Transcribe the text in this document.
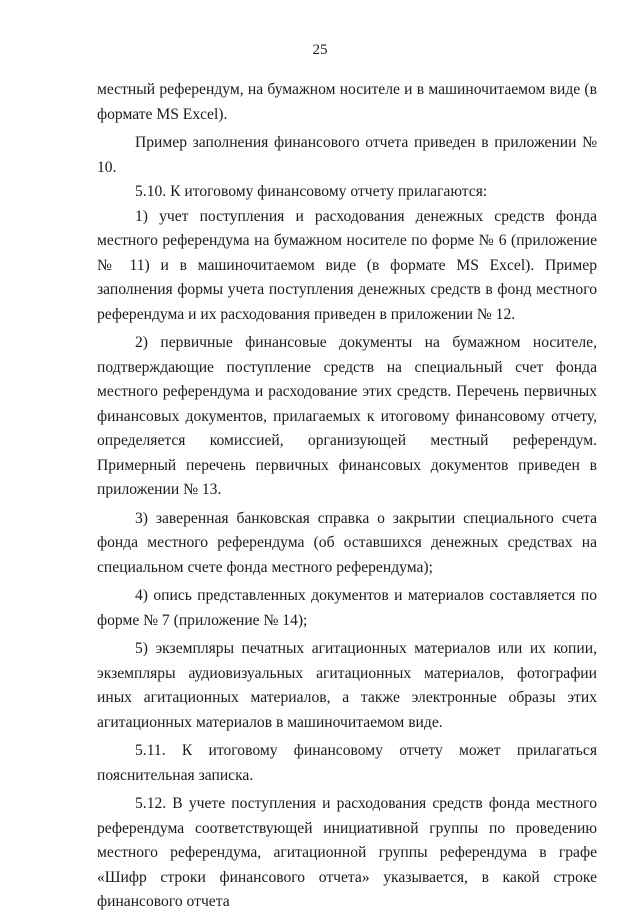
25

местный референдум, на бумажном носителе и в машиночитаемом виде (в формате MS Excel).

Пример заполнения финансового отчета приведен в приложении № 10.

5.10. К итоговому финансовому отчету прилагаются:

1) учет поступления и расходования денежных средств фонда местного референдума на бумажном носителе по форме № 6 (приложение № 11) и в машиночитаемом виде (в формате MS Excel). Пример заполнения формы учета поступления денежных средств в фонд местного референдума и их расходования приведен в приложении № 12.

2) первичные финансовые документы на бумажном носителе, подтверждающие поступление средств на специальный счет фонда местного референдума и расходование этих средств. Перечень первичных финансовых документов, прилагаемых к итоговому финансовому отчету, определяется комиссией, организующей местный референдум. Примерный перечень первичных финансовых документов приведен в приложении № 13.

3) заверенная банковская справка о закрытии специального счета фонда местного референдума (об оставшихся денежных средствах на специальном счете фонда местного референдума);

4) опись представленных документов и материалов составляется по форме № 7 (приложение № 14);

5) экземпляры печатных агитационных материалов или их копии, экземпляры аудиовизуальных агитационных материалов, фотографии иных агитационных материалов, а также электронные образы этих агитационных материалов в машиночитаемом виде.

5.11. К итоговому финансовому отчету может прилагаться пояснительная записка.

5.12. В учете поступления и расходования средств фонда местного референдума соответствующей инициативной группы по проведению местного референдума, агитационной группы референдума в графе «Шифр строки финансового отчета» указывается, в какой строке финансового отчета
